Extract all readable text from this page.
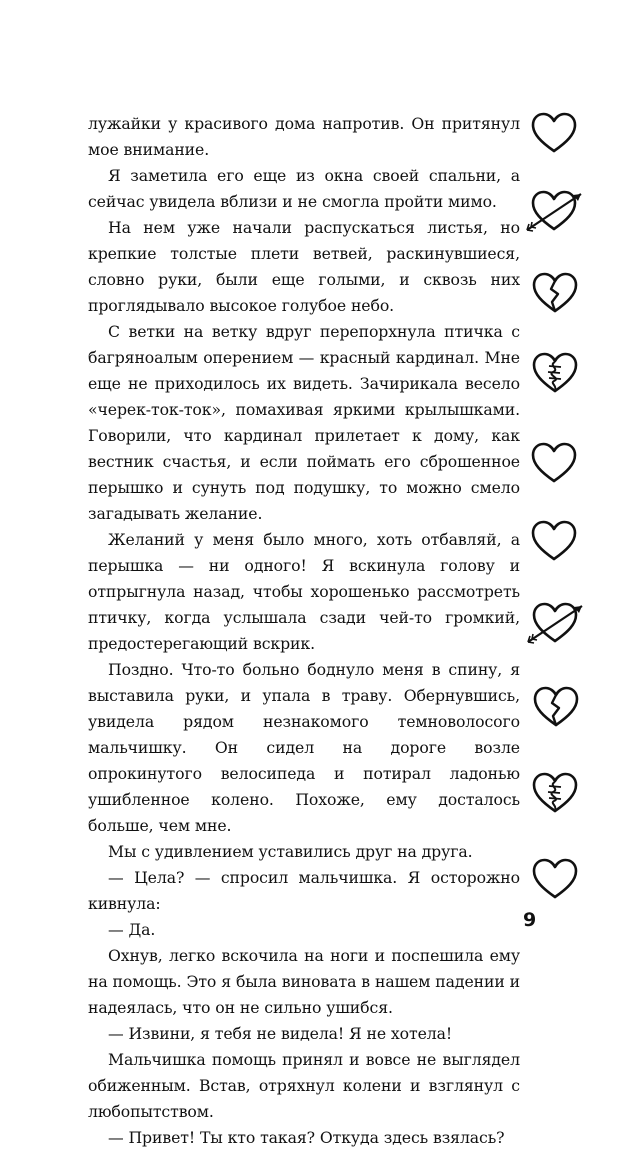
лужайки у красивого дома напротив. Он притянул мое внимание.

Я заметила его еще из окна своей спальни, а сейчас увидела вблизи и не смогла пройти мимо.

На нем уже начали распускаться листья, но крепкие толстые плети ветвей, раскинувшиеся, словно руки, были еще голыми, и сквозь них проглядывало высокое голубое небо.

С ветки на ветку вдруг перепорхнула птичка с багряноалым оперением — красный кардинал. Мне еще не приходилось их видеть. Зачирикала весело «черек-ток-ток», помахивая яркими крылышками. Говорили, что кардинал прилетает к дому, как вестник счастья, и если поймать его сброшенное перышко и сунуть под подушку, то можно смело загадывать желание.

Желаний у меня было много, хоть отбавляй, а перышка — ни одного! Я вскинула голову и отпрыгнула назад, чтобы хорошенько рассмотреть птичку, когда услышала сзади чей-то громкий, предостерегающий вскрик.

Поздно. Что-то больно боднуло меня в спину, я выставила руки, и упала в траву. Обернувшись, увидела рядом незнакомого темноволосого мальчишку. Он сидел на дороге возле опрокинутого велосипеда и потирал ладонью ушибленное колено. Похоже, ему досталось больше, чем мне.

Мы с удивлением уставились друг на друга.

— Цела? — спросил мальчишка. Я осторожно кивнула:

— Да.

Охнув, легко вскочила на ноги и поспешила ему на помощь. Это я была виновата в нашем падении и надеялась, что он не сильно ушибся.

— Извини, я тебя не видела! Я не хотела!

Мальчишка помощь принял и вовсе не выглядел обиженным. Встав, отряхнул колени и взглянул с любопытством.

— Привет! Ты кто такая? Откуда здесь взялась?

9
